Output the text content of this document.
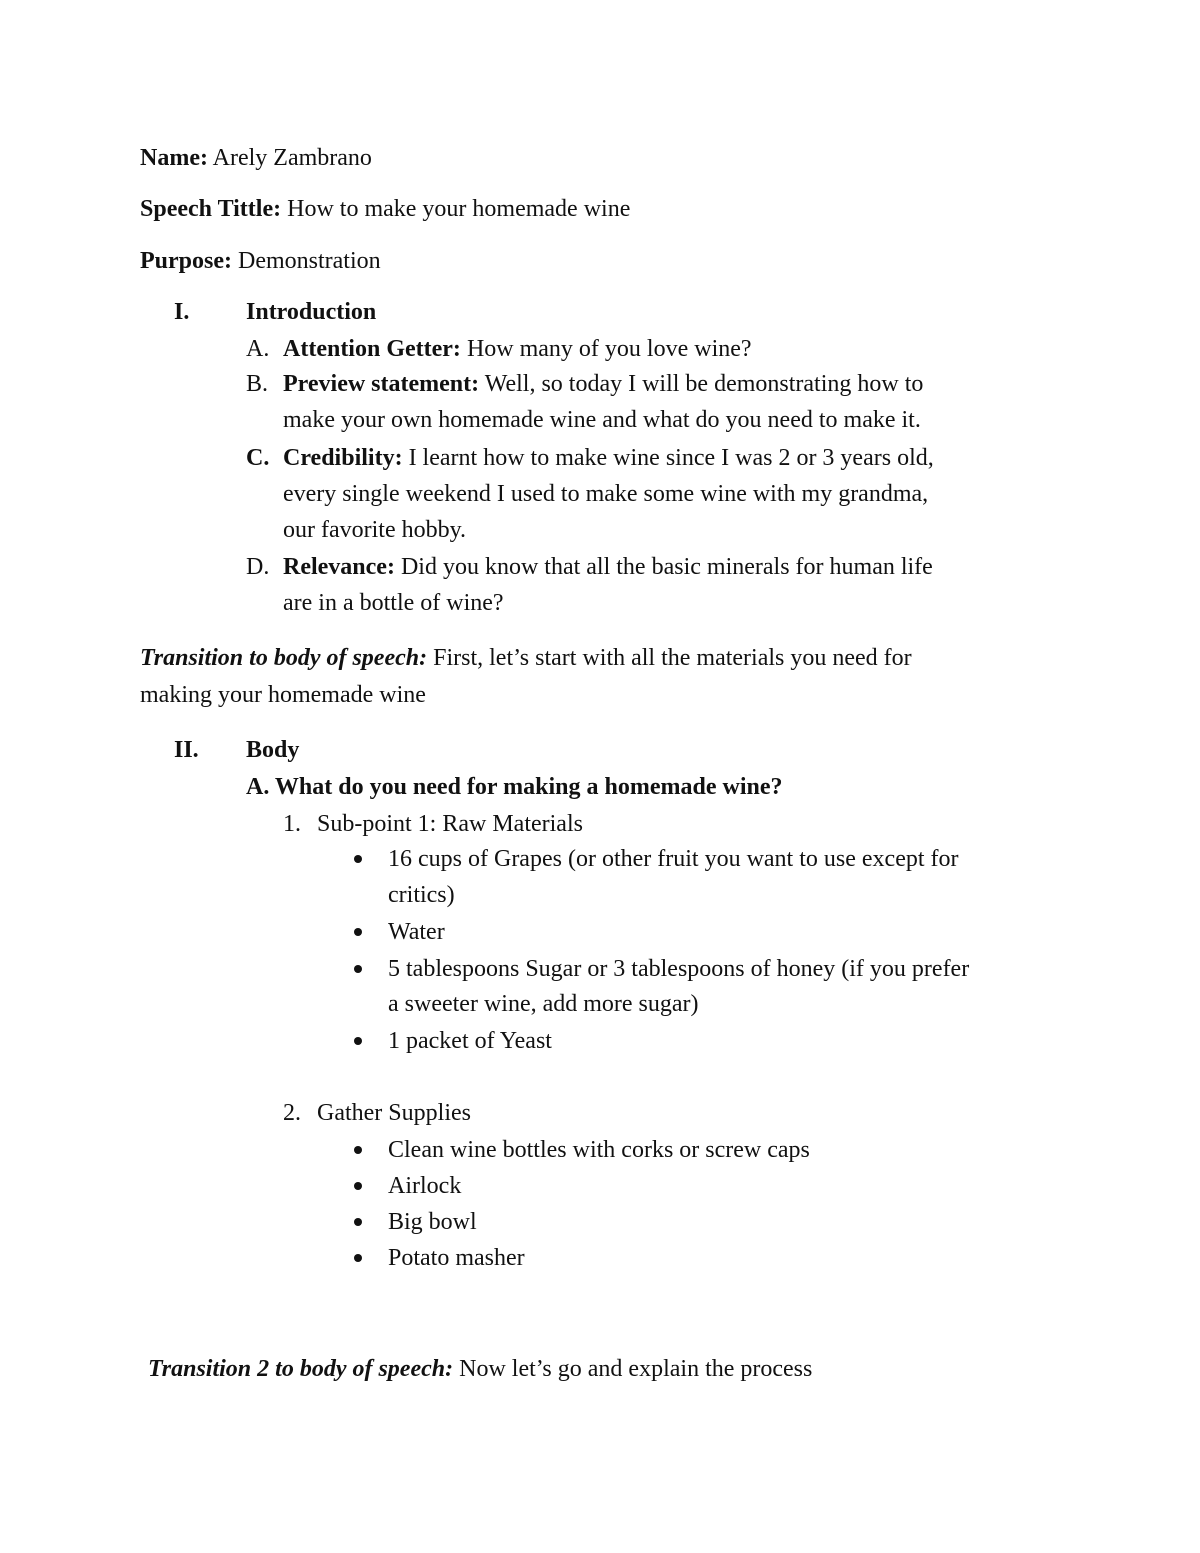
Name: Arely Zambrano
Speech Tittle: How to make your homemade wine
Purpose: Demonstration
I. Introduction
A. Attention Getter: How many of you love wine?
B. Preview statement: Well, so today I will be demonstrating how to
make your own homemade wine and what do you need to make it.
C. Credibility: I learnt how to make wine since I was 2 or 3 years old,
every single weekend I used to make some wine with my grandma,
our favorite hobby.
D. Relevance: Did you know that all the basic minerals for human life
are in a bottle of wine?
Transition to body of speech: First, let’s start with all the materials you need for
making your homemade wine
II. Body
A. What do you need for making a homemade wine?
1. Sub-point 1: Raw Materials
16 cups of Grapes (or other fruit you want to use except for
critics)
Water
5 tablespoons Sugar or 3 tablespoons of honey (if you prefer
a sweeter wine, add more sugar)
1 packet of Yeast
2. Gather Supplies
Clean wine bottles with corks or screw caps
Airlock
Big bowl
Potato masher
Transition 2 to body of speech: Now let’s go and explain the process
